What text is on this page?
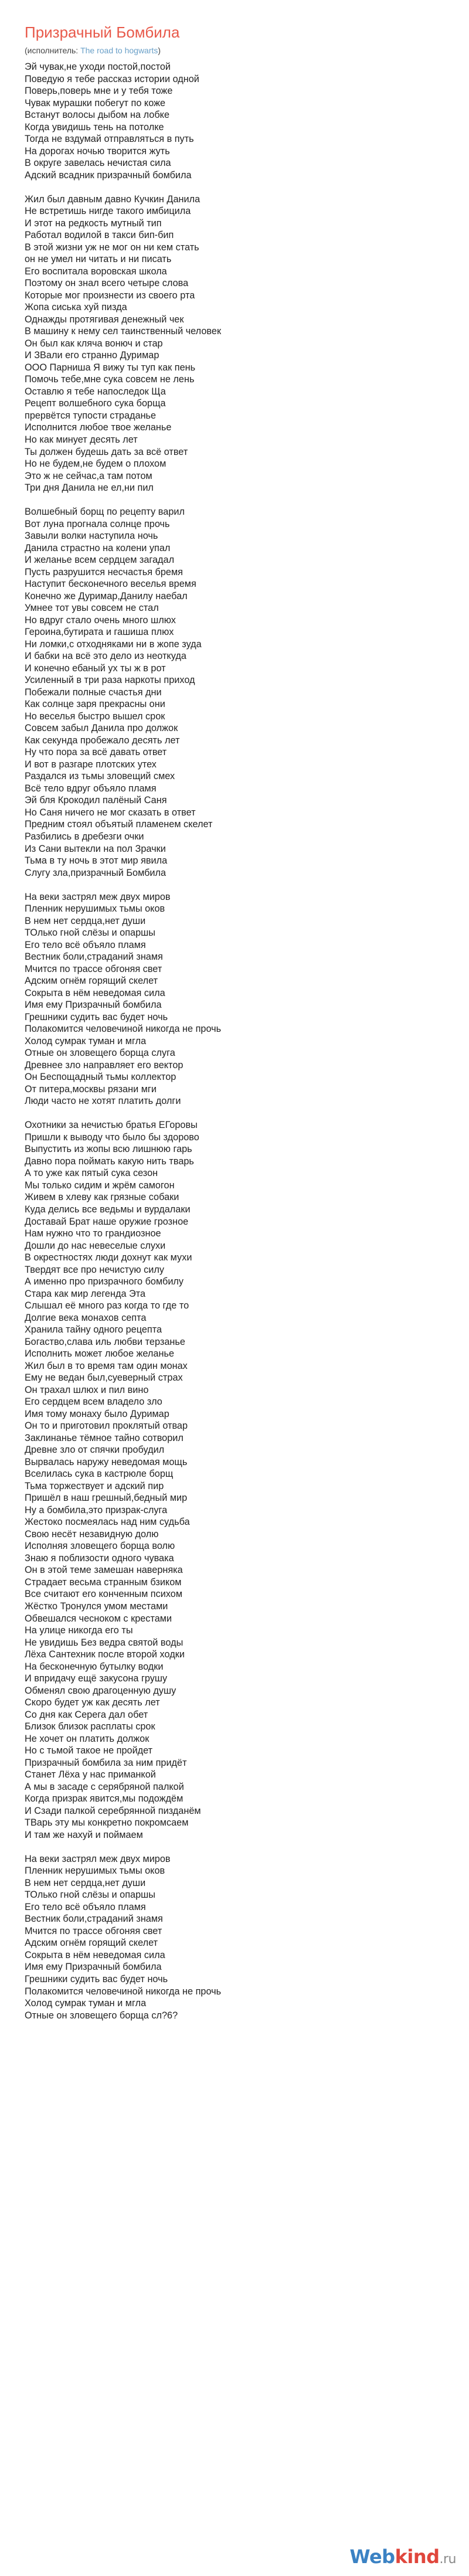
Призрачный Бомбила
(исполнитель: The road to hogwarts)
Эй чувак,не уходи постой,постой
Поведую я тебе рассказ истории одной
Поверь,поверь мне и у тебя тоже
Чувак мурашки побегут по коже
Встанут волосы дыбом на лобке
Когда увидишь тень на потолке
Тогда не вздумай отправляться в путь
На дорогах ночью творится жуть
В округе завелась нечистая сила
Адский всадник призрачный бомбила
Жил был давным давно Кучкин Данила
Не встретишь нигде такого имбицила
И этот на редкость мутный тип
Работал водилой в такси бип-бип
В этой жизни уж не мог он ни кем стать
он не умел ни читать и ни писать
Его воспитала воровская школа
Поэтому он знал всего четыре слова
Которые мог произнести из своего рта
Жопа сиська хуй пизда
Однажды протягивая денежный чек
В машину к нему сел таинственный человек
Он был как кляча вонюч и стар
И ЗВали его странно Дуримар
ООО Парниша Я вижу ты туп как пень
Помочь тебе,мне сука совсем не лень
Оставлю я тебе напоследок Ща
Рецепт волшебного сука борща
прервётся тупости страданье
Исполнится любое твое желанье
Но как минует десять лет
Ты должен будешь дать за всё ответ
Но не будем,не будем о плохом
Это ж не сейчас,а там потом
Три дня Данила не ел,ни пил
Волшебный борщ по рецепту варил
Вот луна прогнала солнце прочь
Завыли волки наступила ночь
Данила страстно на колени упал
И желанье всем сердцем загадал
Пусть разрушится несчастья бремя
Наступит бесконечного веселья время
Конечно же Дуримар,Данилу наебал
Умнее тот увы совсем не стал
Но вдруг стало очень много шлюх
Героина,бутирата и гашиша плюх
Ни ломки,с отходняками ни в жопе зуда
И бабки на всё это дело из неоткуда
И конечно ебаный ух ты ж в рот
Усиленный в три раза наркоты приход
Побежали полные счастья дни
Как солнце заря прекрасны они
Но веселья быстро вышел срок
Совсем забыл Данила про должок
Как секунда пробежало десять лет
Ну что пора за всё давать ответ
И вот в разгаре плотских утех
Раздался из тьмы зловещий смех
Всё тело вдруг объяло пламя
Эй бля Крокодил палёный Саня
Но Саня ничего не мог сказать в ответ
Предним стоял объятый пламенем скелет
Разбились в дребезги очки
Из Сани вытекли на пол Зрачки
Тьма в ту ночь в этот мир явила
Слугу зла,призрачный Бомбила
На веки застрял меж двух миров
Пленник нерушимых тьмы оков
В нем нет сердца,нет души
ТОлько гной слёзы и опаршы
Его тело всё объяло пламя
Вестник боли,страданий знамя
Мчится по трассе обгоняя свет
Адским огнём горящий скелет
Сокрыта в нём неведомая сила
Имя ему Призрачный бомбила
Грешники судить вас будет ночь
Полакомится человечиной никогда не прочь
Холод сумрак туман и мгла
Отные он зловещего борща слуга
Древнее зло направляет его вектор
Он Беспощадный тьмы коллектор
От питера,москвы рязани мги
Люди часто не хотят платить долги
Охотники за нечистью братья ЕГоровы
Пришли к выводу что было бы здорово
Выпустить из жопы всю лишнюю гарь
Давно пора поймать какую нить тварь
А то уже как пятый сука сезон
Мы только сидим и жрём самогон
Живем в хлеву как грязные собаки
Куда делись все ведьмы и вурдалаки
Доставай Брат наше оружие грозное
Нам нужно что то грандиозное
Дошли до нас невеселые слухи
В окрестностях люди дохнут как мухи
Твердят все про нечистую силу
А именно про призрачного бомбилу
Стара как мир легенда Эта
Слышал её много раз когда то где то
Долгие века монахов септа
Хранила тайну одного рецепта
Богаство,слава иль любви терзанье
Исполнить может любое желанье
Жил был в то время там один монах
Ему не ведан был,суеверный страх
Он трахал шлюх и пил вино
Его сердцем всем владело зло
Имя тому монаху было Дуримар
Он то и приготовил проклятый отвар
Заклинанье тёмное тайно сотворил
Древне зло от спячки пробудил
Вырвалась наружу неведомая мощь
Вселилась сука в кастрюле борщ
Тьма торжествует и адский пир
Пришёл в наш грешный,бедный мир
Ну а бомбила,это призрак-слуга
Жестоко посмеялась над ним судьба
Свою несёт незавидную долю
Исполняя зловещего борща волю
Знаю я поблизости одного чувака
Он в этой теме замешан наверняка
Страдает весьма странным бзиком
Все считают его конченным психом
Жёстко Тронулся умом местами
Обвешался чесноком с крестами
На улице никогда его ты
Не увидишь Без ведра святой воды
Лёха Сантехник после второй ходки
На бесконечную бутылку водки
И впридачу ещё закусона грушу
Обменял свою драгоценную душу
Скоро будет уж как десять лет
Со дня как Серега дал обет
Близок близок расплаты срок
Не хочет он платить должок
Но с тьмой такое не пройдет
Призрачный бомбила за ним придёт
Станет Лёха у нас приманкой
А мы в засаде с серябряной палкой
Когда призрак явится,мы подождём
И Сзади палкой серебрянной пизданём
ТВарь эту мы конкретно покромсаем
И там же нахуй и поймаем
На веки застрял меж двух миров
Пленник нерушимых тьмы оков
В нем нет сердца,нет души
ТОлько гной слёзы и опаршы
Его тело всё объяло пламя
Вестник боли,страданий знамя
Мчится по трассе обгоняя свет
Адским огнём горящий скелет
Сокрыта в нём неведомая сила
Имя ему Призрачный бомбила
Грешники судить вас будет ночь
Полакомится человечиной никогда не прочь
Холод сумрак туман и мгла
Отные он зловещего борща сл?6?
Web kind .ru
